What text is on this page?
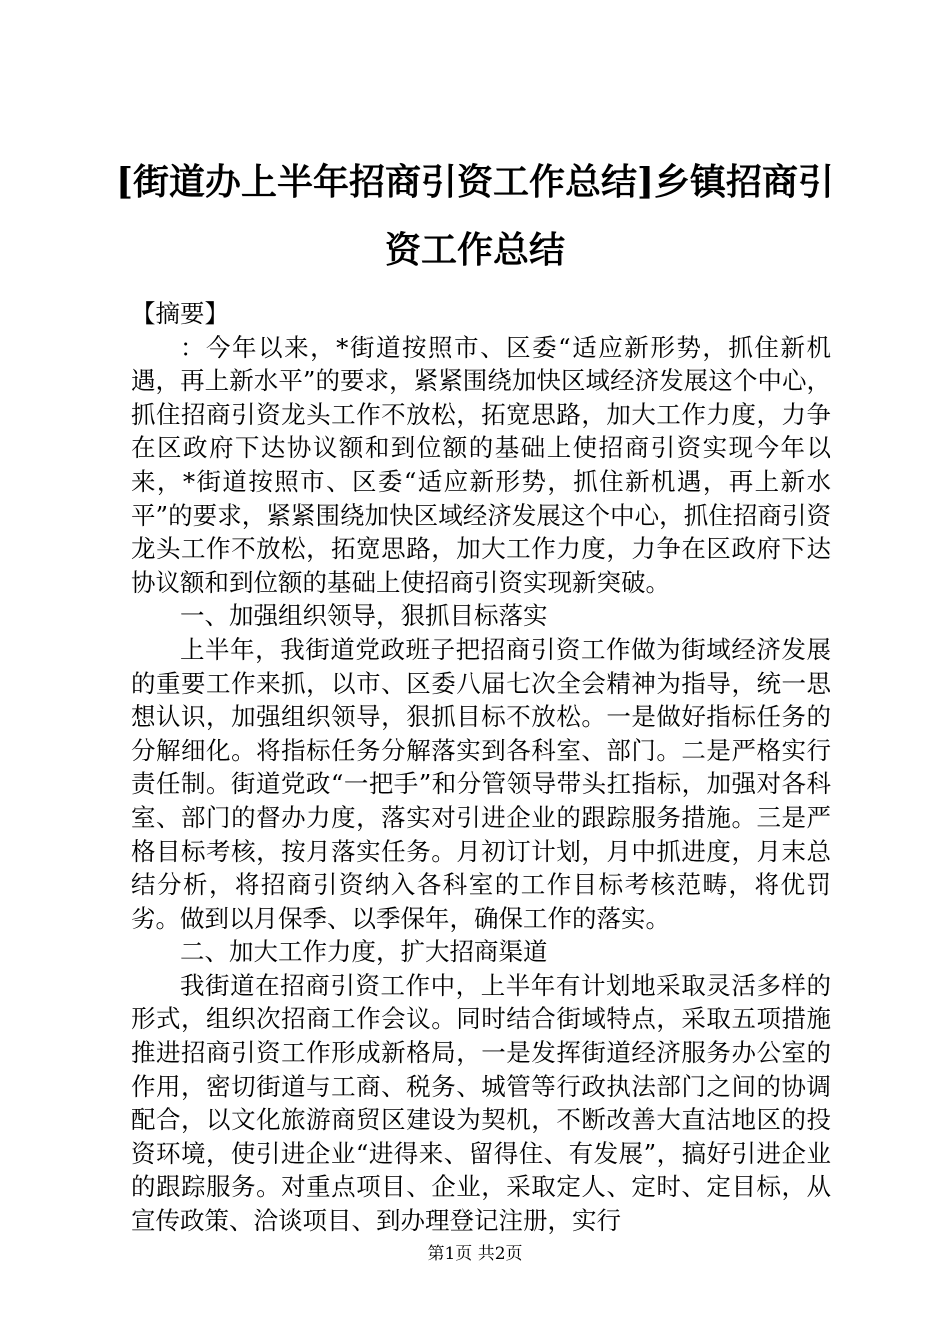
[街道办上半年招商引资工作总结]乡镇招商引
资工作总结

【摘要】

：今年以来，*街道按照市、区委“适应新形势，抓住新机遇，再上新水平”的要求，紧紧围绕加快区域经济发展这个中心，抓住招商引资龙头工作不放松，拓宽思路，加大工作力度，力争在区政府下达协议额和到位额的基础上使招商引资实现今年以来，*街道按照市、区委“适应新形势，抓住新机遇，再上新水平”的要求，紧紧围绕加快区域经济发展这个中心，抓住招商引资龙头工作不放松，拓宽思路，加大工作力度，力争在区政府下达协议额和到位额的基础上使招商引资实现新突破。

一、加强组织领导，狠抓目标落实

上半年，我街道党政班子把招商引资工作做为街域经济发展的重要工作来抓，以市、区委八届七次全会精神为指导，统一思想认识，加强组织领导，狠抓目标不放松。一是做好指标任务的分解细化。将指标任务分解落实到各科室、部门。二是严格实行责任制。街道党政“一把手”和分管领导带头扛指标，加强对各科室、部门的督办力度，落实对引进企业的跟踪服务措施。三是严格目标考核，按月落实任务。月初订计划，月中抓进度，月末总结分析，将招商引资纳入各科室的工作目标考核范畴，将优罚劣。做到以月保季、以季保年，确保工作的落实。

二、加大工作力度，扩大招商渠道

我街道在招商引资工作中，上半年有计划地采取灵活多样的形式，组织次招商工作会议。同时结合街域特点，采取五项措施推进招商引资工作形成新格局，一是发挥街道经济服务办公室的作用，密切街道与工商、税务、城管等行政执法部门之间的协调配合，以文化旅游商贸区建设为契机，不断改善大直沽地区的投资环境，使引进企业“进得来、留得住、有发展”，搞好引进企业的跟踪服务。对重点项目、企业，采取定人、定时、定目标，从宣传政策、洽谈项目、到办理登记注册，实行

第1页 共2页
